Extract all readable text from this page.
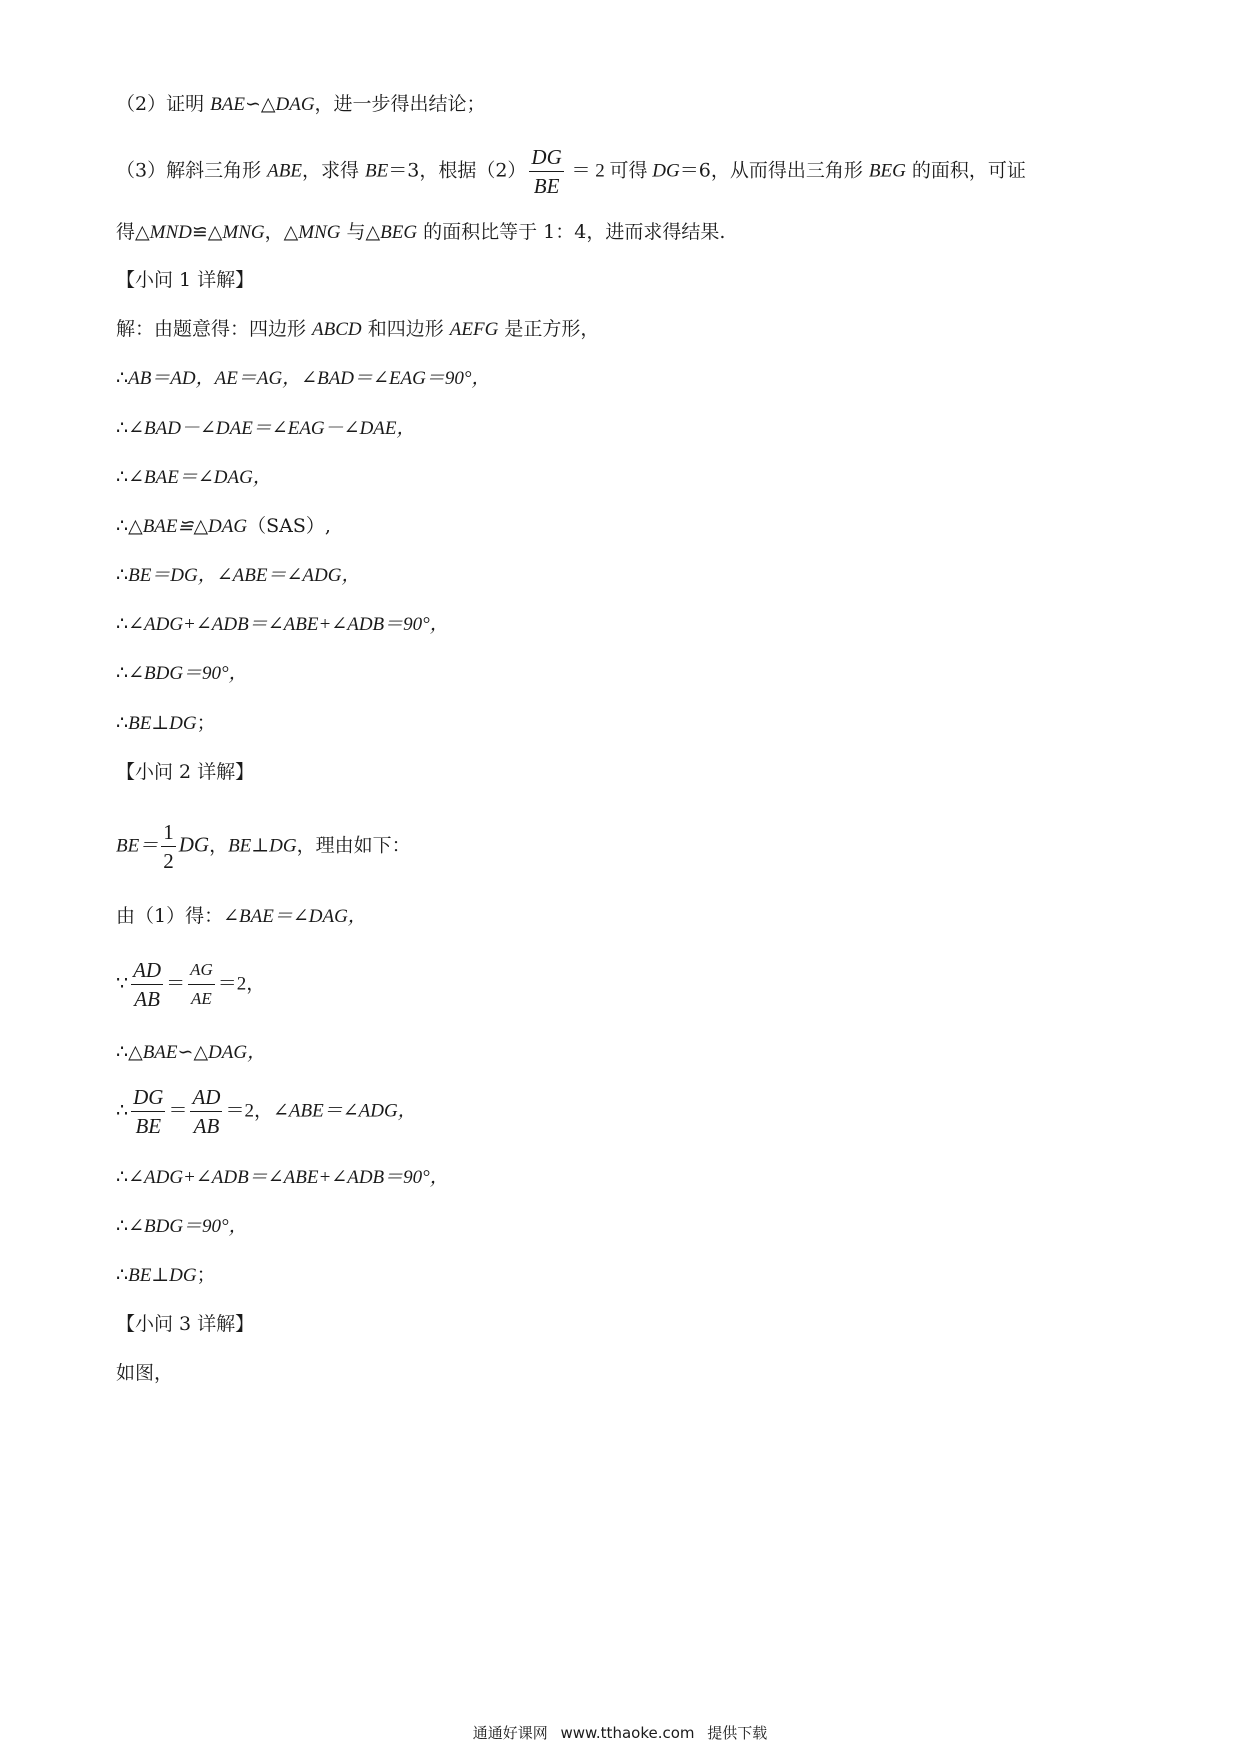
（2）证明 BAE∽△DAG，进一步得出结论；
（3）解斜三角形 ABE，求得 BE＝3，根据$(2) \frac{DG}{BE} = 2$ 可得 DG＝6，从而得出三角形 BEG 的面积，可证
得△MND≌△MNG，△MNG 与△BEG 的面积比等于 1：4，进而求得结果.
【小问 1 详解】
解：由题意得：四边形 ABCD 和四边形 AEFG 是正方形，
∴AB＝AD，AE＝AG，∠BAD＝∠EAG＝90°，
∴∠BAD－∠DAE＝∠EAG－∠DAE，
∴∠BAE＝∠DAG，
∴△BAE≌△DAG（SAS）,
∴BE＝DG，∠ABE＝∠ADG，
∴∠ADG+∠ADB＝∠ABE+∠ADB＝90°，
∴∠BDG＝90°，
∴BE⊥DG；
【小问 2 详解】
$BE= \frac{1}{2}$ DG，BE⊥DG，理由如下：
由（1）得：∠BAE＝∠DAG，
∵ $\frac{AD}{AB} = \frac{AG}{AE} =2$，
∴△BAE∽△DAG，
∴ $\frac{DG}{BE} = \frac{AD}{AB} =2$，∠ABE＝∠ADG，
∴∠ADG+∠ADB＝∠ABE+∠ADB＝90°，
∴∠BDG＝90°，
∴BE⊥DG；
【小问 3 详解】
如图，
通通好课网 www.tthaoke.com 提供下载
